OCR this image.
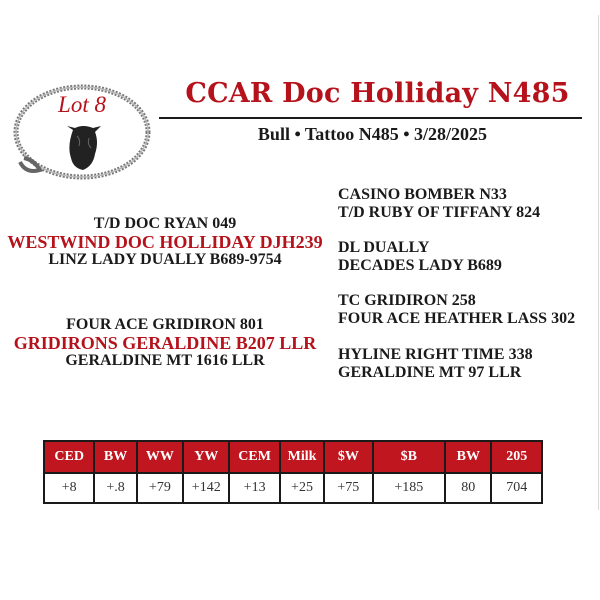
Lot 8	CCAR Doc Holliday N485
Bull • Tattoo N485 • 3/28/2025
T/D DOC RYAN 049
WESTWIND DOC HOLLIDAY DJH239
LINZ LADY DUALLY B689-9754
FOUR ACE GRIDIRON 801
GRIDIRONS GERALDINE B207 LLR
GERALDINE MT 1616 LLR
CASINO BOMBER N33
T/D RUBY OF TIFFANY 824
DL DUALLY
DECADES LADY B689
TC GRIDIRON 258
FOUR ACE HEATHER LASS 302
HYLINE RIGHT TIME 338
GERALDINE MT 97 LLR
CED	BW	WW	YW	CEM	Milk	$W	$B	BW	205
+8	+.8	+79	+142	+13	+25	+75	+185	80	704
